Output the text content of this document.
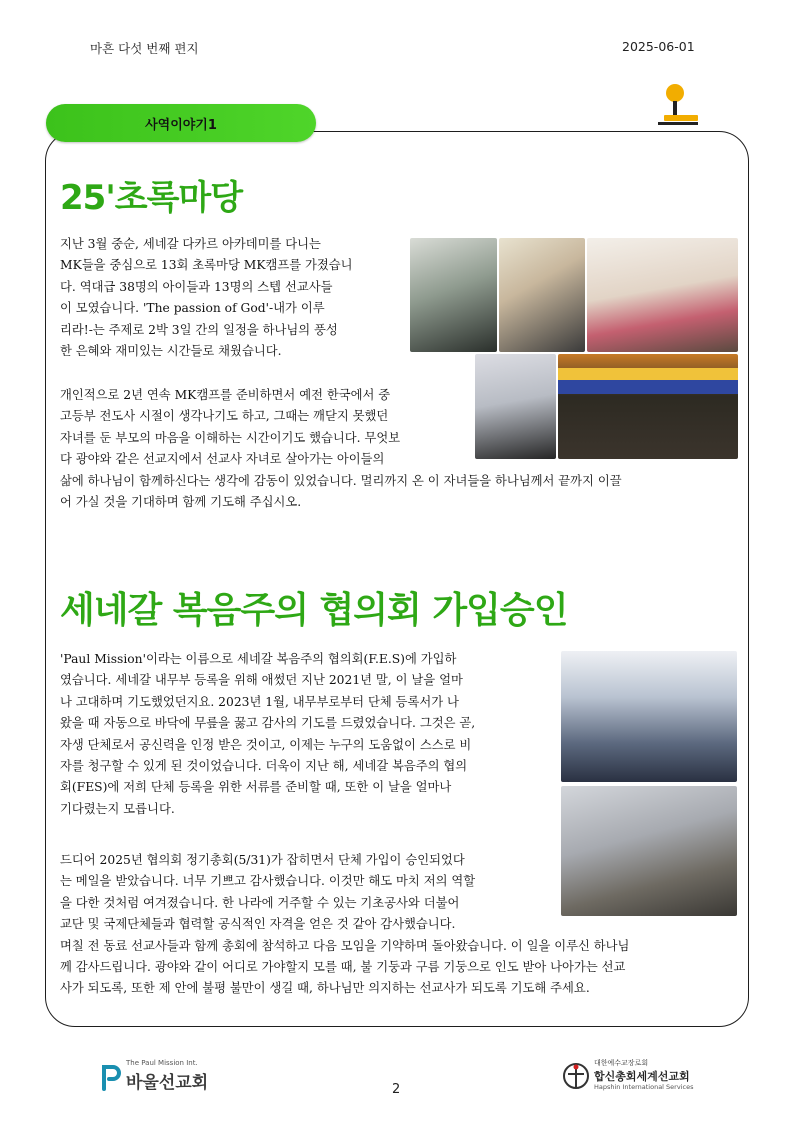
마흔 다섯 번째 편지	2025-06-01
사역이야기1
25'초록마당
지난 3월 중순, 세네갈 다카르 아카데미를 다니는
MK들을 중심으로 13회 초록마당 MK캠프를 가졌습니
다. 역대급 38명의 아이들과 13명의 스텝 선교사들
이 모였습니다. 'The passion of God'-내가 이루
리라!-는 주제로 2박 3일 간의 일정을 하나님의 풍성
한 은혜와 재미있는 시간들로 채웠습니다.
개인적으로 2년 연속 MK캠프를 준비하면서 예전 한국에서 중
고등부 전도사 시절이 생각나기도 하고, 그때는 깨닫지 못했던
자녀를 둔 부모의 마음을 이해하는 시간이기도 했습니다. 무엇보
다 광야와 같은 선교지에서 선교사 자녀로 살아가는 아이들의
삶에 하나님이 함께하신다는 생각에 감동이 있었습니다. 멀리까지 온 이 자녀들을 하나님께서 끝까지 이끌
어 가실 것을 기대하며 함께 기도해 주십시오.
세네갈 복음주의 협의회 가입승인
'Paul Mission'이라는 이름으로 세네갈 복음주의 협의회(F.E.S)에 가입하
였습니다. 세네갈 내무부 등록을 위해 애썼던 지난 2021년 말, 이 날을 얼마
나 고대하며 기도했었던지요. 2023년 1월, 내무부로부터 단체 등록서가 나
왔을 때 자동으로 바닥에 무릎을 꿇고 감사의 기도를 드렸었습니다. 그것은 곧,
자생 단체로서 공신력을 인정 받은 것이고, 이제는 누구의 도움없이 스스로 비
자를 청구할 수 있게 된 것이었습니다. 더욱이 지난 해, 세네갈 복음주의 협의
회(FES)에 저희 단체 등록을 위한 서류를 준비할 때, 또한 이 날을 얼마나
기다렸는지 모릅니다.
드디어 2025년 협의회 정기총회(5/31)가 잡히면서 단체 가입이 승인되었다
는 메일을 받았습니다. 너무 기쁘고 감사했습니다. 이것만 해도 마치 저의 역할
을 다한 것처럼 여겨졌습니다. 한 나라에 거주할 수 있는 기초공사와 더불어
교단 및 국제단체들과 협력할 공식적인 자격을 얻은 것 같아 감사했습니다.
며칠 전 동료 선교사들과 함께 총회에 참석하고 다음 모임을 기약하며 돌아왔습니다. 이 일을 이루신 하나님
께 감사드립니다. 광야와 같이 어디로 가야할지 모를 때, 불 기둥과 구름 기둥으로 인도 받아 나아가는 선교
사가 되도록, 또한 제 안에 불평 불만이 생길 때, 하나님만 의지하는 선교사가 되도록 기도해 주세요.
The Paul Mission Int.
바울선교회	2
대한예수교장로회
합신총회세계선교회
Hapshin International Services
